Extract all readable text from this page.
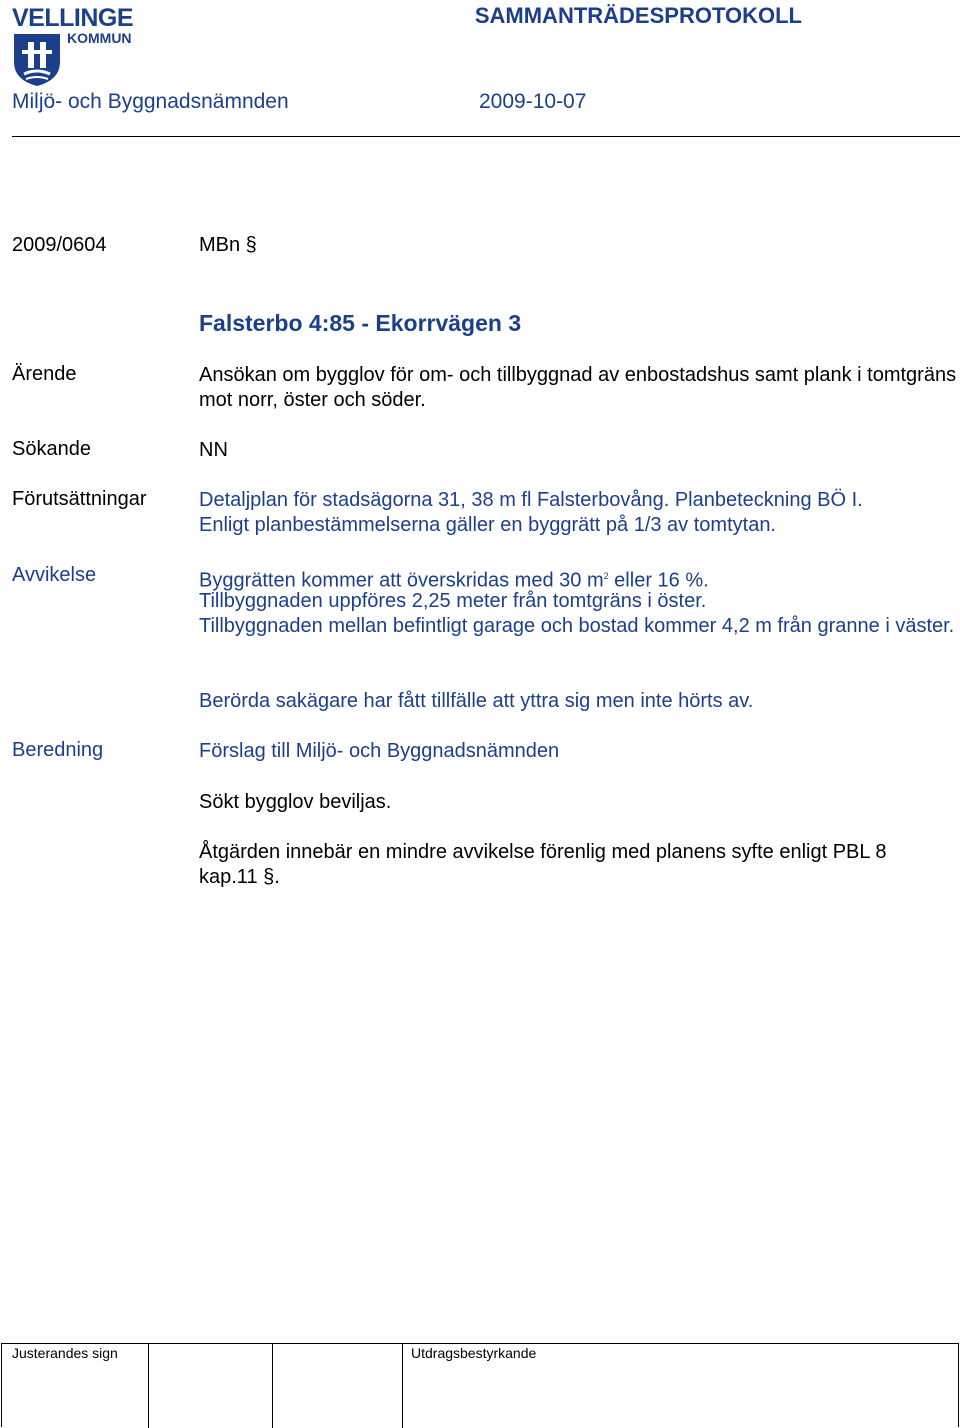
VELLINGE
KOMMUN
SAMMANTRÄDESPROTOKOLL
Miljö- och Byggnadsnämnden	2009-10-07
2009/0604	MBn §
Falsterbo 4:85 - Ekorrvägen 3
Ärende	Ansökan om bygglov för om- och tillbyggnad av enbostadshus samt plank i tomtgräns mot norr, öster och söder.
Sökande	NN
Förutsättningar	Detaljplan för stadsägorna 31, 38 m fl Falsterbovång. Planbeteckning BÖ I.
Enligt planbestämmelserna gäller en byggrätt på 1/3 av tomtytan.
Avvikelse	Byggrätten kommer att överskridas med 30 $m^2$ eller 16 %.
Tillbyggnaden uppföres 2,25 meter från tomtgräns i öster.
Tillbyggnaden mellan befintligt garage och bostad kommer 4,2 m från granne i väster.
Berörda sakägare har fått tillfälle att yttra sig men inte hörts av.
Beredning	Förslag till Miljö- och Byggnadsnämnden
Sökt bygglov beviljas.
Åtgärden innebär en mindre avvikelse förenlig med planens syfte enligt PBL 8 kap.11 §.
Justerandes sign	Utdragsbestyrkande
